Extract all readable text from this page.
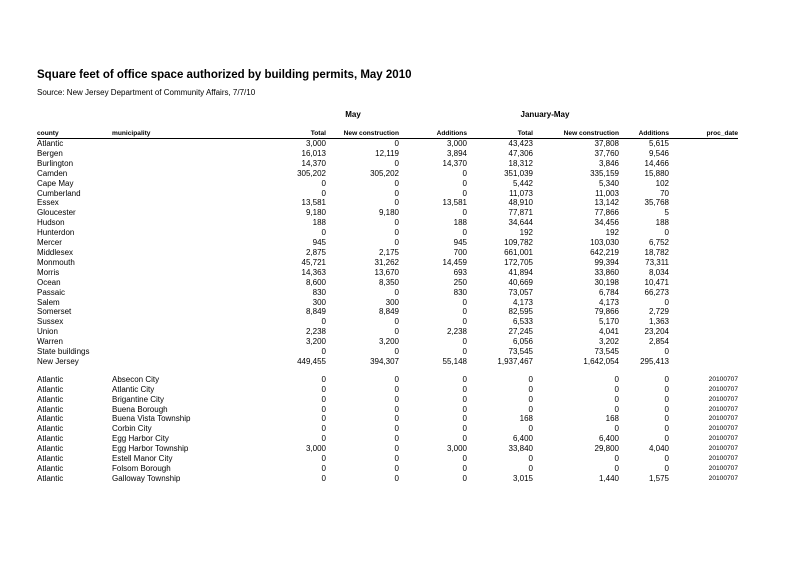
Square feet of office space authorized by building permits, May 2010
Source: New Jersey Department of Community Affairs, 7/7/10
May	January-May
county	municipality	Total	New construction	Additions	Total	New construction	Additions	proc_date
Atlantic		3,000	0	3,000	43,423	37,808	5,615	
Bergen		16,013	12,119	3,894	47,306	37,760	9,546	
Burlington		14,370	0	14,370	18,312	3,846	14,466	
Camden		305,202	305,202	0	351,039	335,159	15,880	
Cape May		0	0	0	5,442	5,340	102	
Cumberland		0	0	0	11,073	11,003	70	
Essex		13,581	0	13,581	48,910	13,142	35,768	
Gloucester		9,180	9,180	0	77,871	77,866	5	
Hudson		188	0	188	34,644	34,456	188	
Hunterdon		0	0	0	192	192	0	
Mercer		945	0	945	109,782	103,030	6,752	
Middlesex		2,875	2,175	700	661,001	642,219	18,782	
Monmouth		45,721	31,262	14,459	172,705	99,394	73,311	
Morris		14,363	13,670	693	41,894	33,860	8,034	
Ocean		8,600	8,350	250	40,669	30,198	10,471	
Passaic		830	0	830	73,057	6,784	66,273	
Salem		300	300	0	4,173	4,173	0	
Somerset		8,849	8,849	0	82,595	79,866	2,729	
Sussex		0	0	0	6,533	5,170	1,363	
Union		2,238	0	2,238	27,245	4,041	23,204	
Warren		3,200	3,200	0	6,056	3,202	2,854	
State buildings		0	0	0	73,545	73,545	0	
New Jersey		449,455	394,307	55,148	1,937,467	1,642,054	295,413	

Atlantic	Absecon City	0	0	0	0	0	0	20100707
Atlantic	Atlantic City	0	0	0	0	0	0	20100707
Atlantic	Brigantine City	0	0	0	0	0	0	20100707
Atlantic	Buena Borough	0	0	0	0	0	0	20100707
Atlantic	Buena Vista Township	0	0	0	168	168	0	20100707
Atlantic	Corbin City	0	0	0	0	0	0	20100707
Atlantic	Egg Harbor City	0	0	0	6,400	6,400	0	20100707
Atlantic	Egg Harbor Township	3,000	0	3,000	33,840	29,800	4,040	20100707
Atlantic	Estell Manor City	0	0	0	0	0	0	20100707
Atlantic	Folsom Borough	0	0	0	0	0	0	20100707
Atlantic	Galloway Township	0	0	0	3,015	1,440	1,575	20100707
